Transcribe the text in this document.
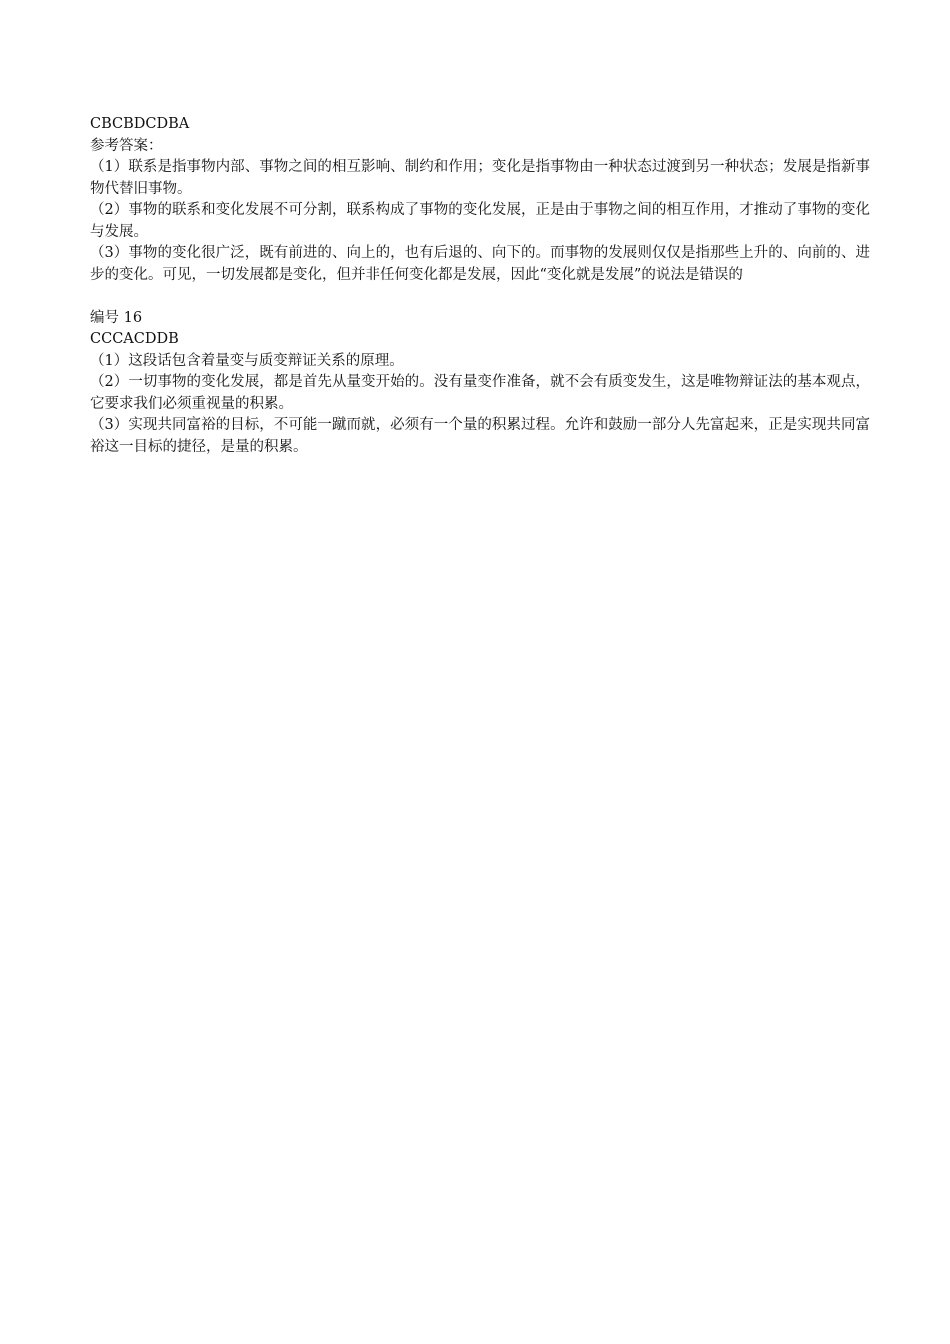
CBCBDCDBA

参考答案：

（1）联系是指事物内部、事物之间的相互影响、制约和作用；变化是指事物由一种状态过渡到另一种状态；发展是指新事物代替旧事物。

（2）事物的联系和变化发展不可分割，联系构成了事物的变化发展，正是由于事物之间的相互作用，才推动了事物的变化与发展。

（3）事物的变化很广泛，既有前进的、向上的，也有后退的、向下的。而事物的发展则仅仅是指那些上升的、向前的、进步的变化。可见，一切发展都是变化，但并非任何变化都是发展，因此“变化就是发展”的说法是错误的

编号 16

CCCACDDB

（1）这段话包含着量变与质变辩证关系的原理。

（2）一切事物的变化发展，都是首先从量变开始的。没有量变作准备，就不会有质变发生，这是唯物辩证法的基本观点，它要求我们必须重视量的积累。

（3）实现共同富裕的目标，不可能一蹴而就，必须有一个量的积累过程。允许和鼓励一部分人先富起来，正是实现共同富裕这一目标的捷径，是量的积累。
